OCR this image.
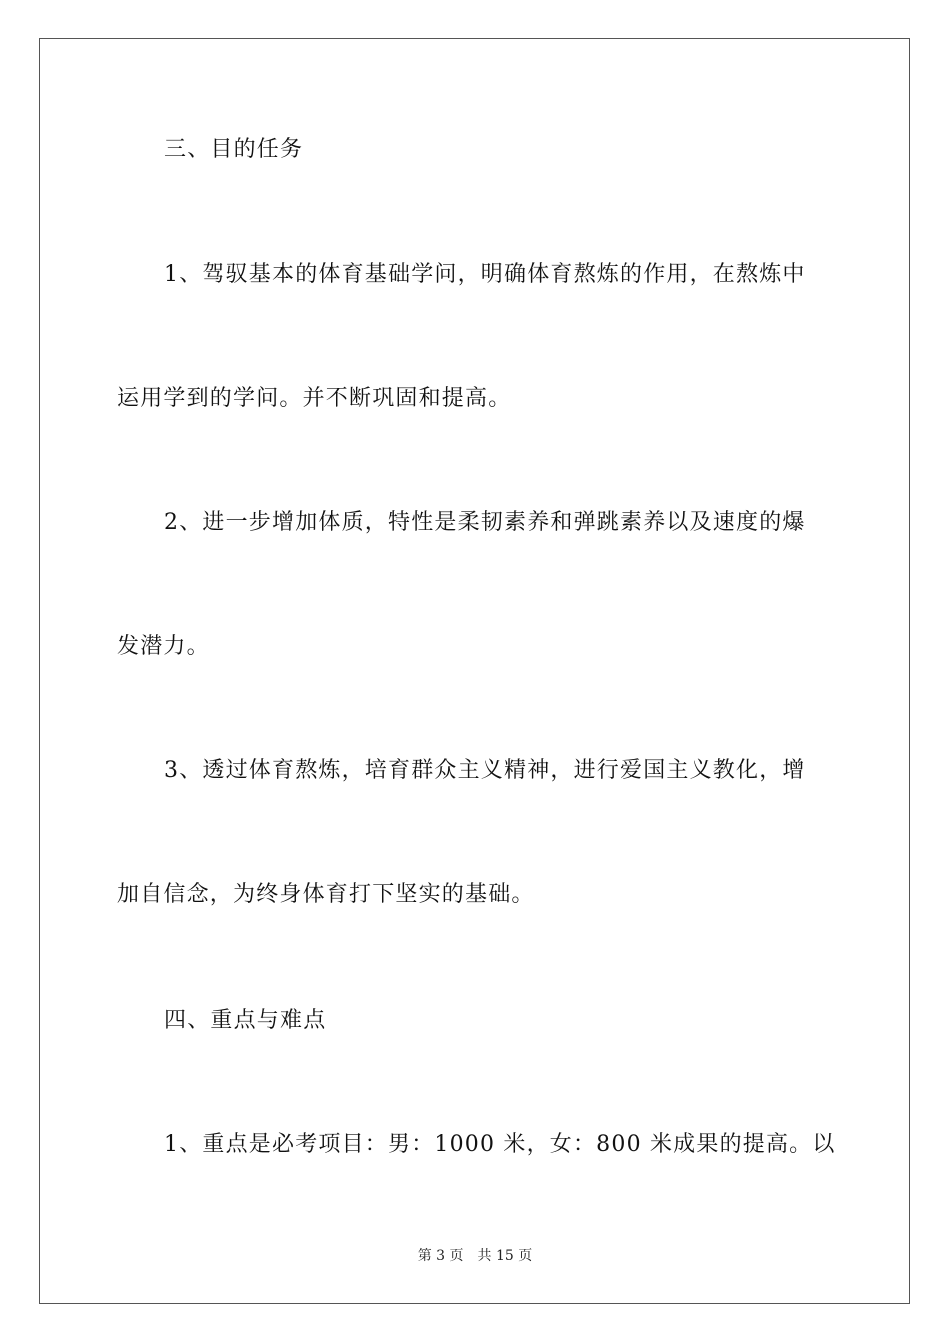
三、目的任务
1、驾驭基本的体育基础学问，明确体育熬炼的作用，在熬炼中
运用学到的学问。并不断巩固和提高。
2、进一步增加体质，特性是柔韧素养和弹跳素养以及速度的爆
发潜力。
3、透过体育熬炼，培育群众主义精神，进行爱国主义教化，增
加自信念，为终身体育打下坚实的基础。
四、重点与难点
1、重点是必考项目：男：1000 米，女：800 米成果的提高。以
第 3 页 共 15 页
